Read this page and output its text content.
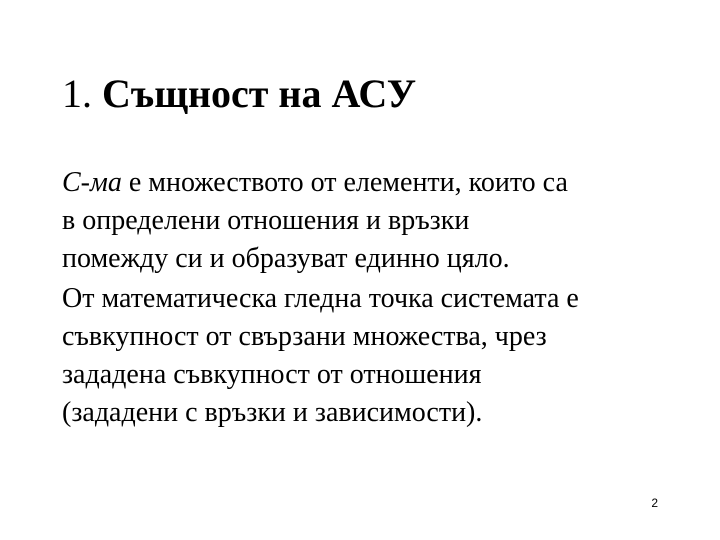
1. Същност на АСУ
С-ма е множеството от елементи, които са
в определени отношения и връзки
помежду си и образуват единно цяло.
От математическа гледна точка системата е
съвкупност от свързани множества, чрез
зададена съвкупност от отношения
(зададени с връзки и зависимости).
2
